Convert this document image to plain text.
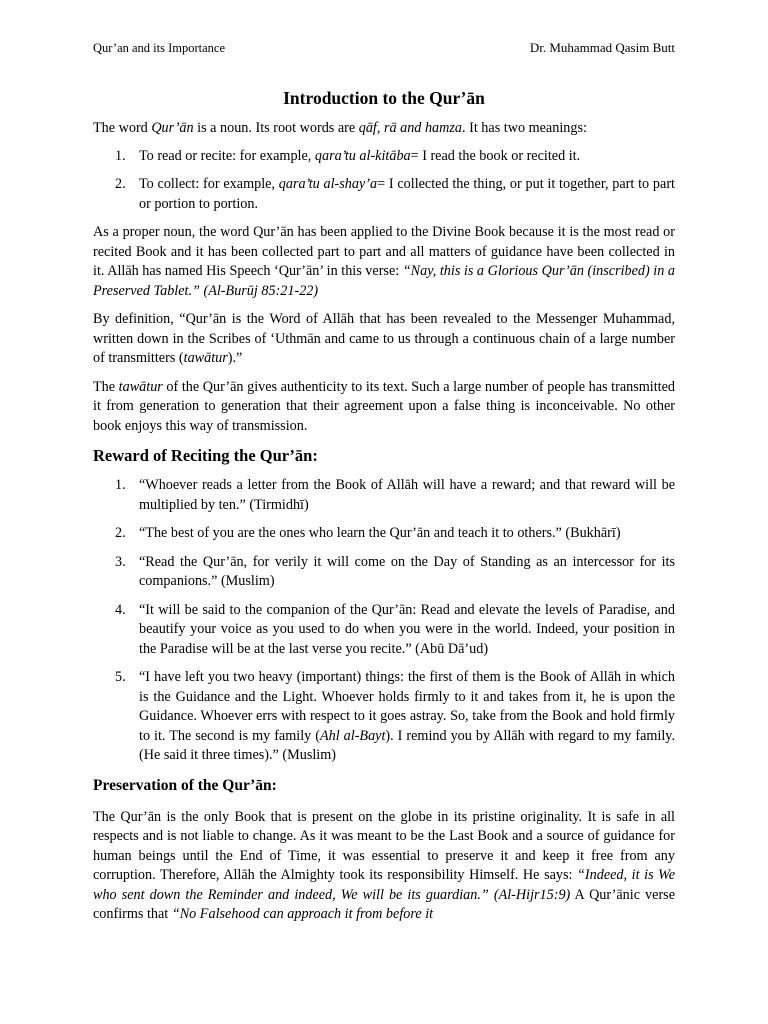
Qur’an and its Importance	Dr. Muhammad Qasim Butt
Introduction to the Qur’ān

The word Qur’ān is a noun. Its root words are qāf, rā and hamza. It has two meanings:

1. To read or recite: for example, qara’tu al-kitāba= I read the book or recited it.
2. To collect: for example, qara’tu al-shay’a= I collected the thing, or put it together, part to part or portion to portion.

As a proper noun, the word Qur’ān has been applied to the Divine Book because it is the most read or recited Book and it has been collected part to part and all matters of guidance have been collected in it. Allāh has named His Speech ‘Qur’ān’ in this verse: “Nay, this is a Glorious Qur’ān (inscribed) in a Preserved Tablet.” (Al-Burūj 85:21-22)

By definition, “Qur’ān is the Word of Allāh that has been revealed to the Messenger Muhammad, written down in the Scribes of ‘Uthmān and came to us through a continuous chain of a large number of transmitters (tawātur).”

The tawātur of the Qur’ān gives authenticity to its text. Such a large number of people has transmitted it from generation to generation that their agreement upon a false thing is inconceivable. No other book enjoys this way of transmission.

Reward of Reciting the Qur’ān:
1. “Whoever reads a letter from the Book of Allāh will have a reward; and that reward will be multiplied by ten.” (Tirmidhī)
2. “The best of you are the ones who learn the Qur’ān and teach it to others.” (Bukhārī)
3. “Read the Qur’ān, for verily it will come on the Day of Standing as an intercessor for its companions.” (Muslim)
4. “It will be said to the companion of the Qur’ān: Read and elevate the levels of Paradise, and beautify your voice as you used to do when you were in the world. Indeed, your position in the Paradise will be at the last verse you recite.” (Abū Dā’ud)
5. “I have left you two heavy (important) things: the first of them is the Book of Allāh in which is the Guidance and the Light. Whoever holds firmly to it and takes from it, he is upon the Guidance. Whoever errs with respect to it goes astray. So, take from the Book and hold firmly to it. The second is my family (Ahl al-Bayt). I remind you by Allāh with regard to my family. (He said it three times).” (Muslim)
Preservation of the Qur’ān:

The Qur’ān is the only Book that is present on the globe in its pristine originality. It is safe in all respects and is not liable to change. As it was meant to be the Last Book and a source of guidance for human beings until the End of Time, it was essential to preserve it and keep it free from any corruption. Therefore, Allāh the Almighty took its responsibility Himself. He says: “Indeed, it is We who sent down the Reminder and indeed, We will be its guardian.” (Al-Hijr15:9) A Qur’ānic verse confirms that “No Falsehood can approach it from before it
